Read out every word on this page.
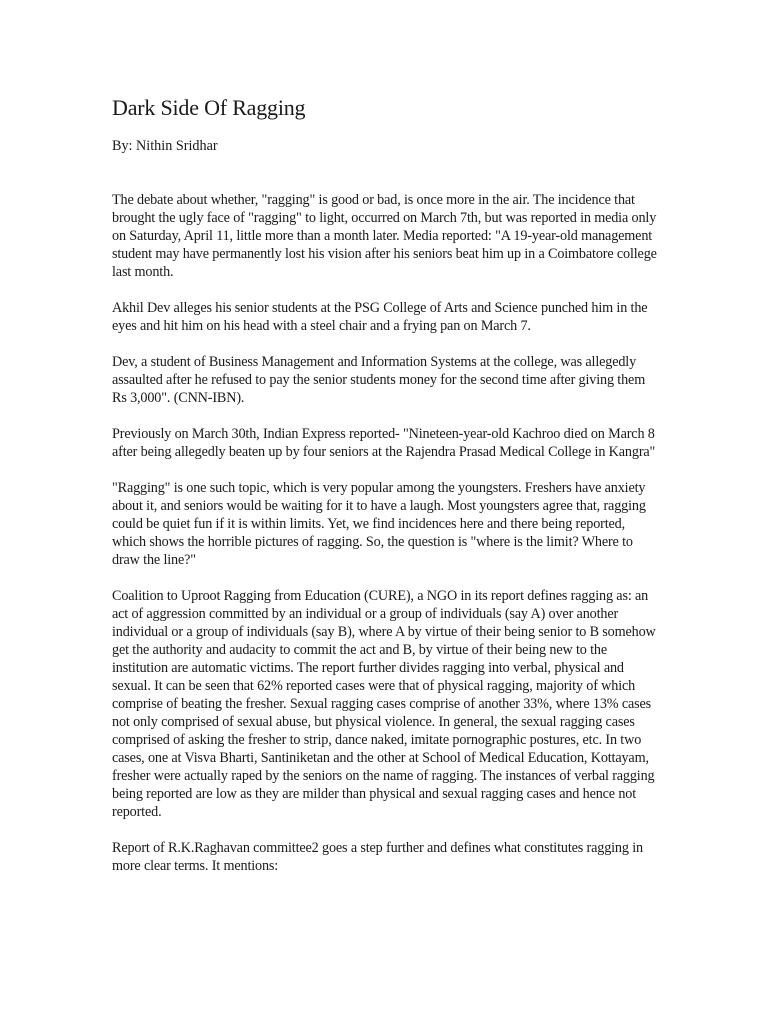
Dark Side Of Ragging

By: Nithin Sridhar

The debate about whether, "ragging" is good or bad, is once more in the air. The incidence that brought the ugly face of "ragging" to light, occurred on March 7th, but was reported in media only on Saturday, April 11, little more than a month later. Media reported: "A 19-year-old management student may have permanently lost his vision after his seniors beat him up in a Coimbatore college last month.

Akhil Dev alleges his senior students at the PSG College of Arts and Science punched him in the eyes and hit him on his head with a steel chair and a frying pan on March 7.

Dev, a student of Business Management and Information Systems at the college, was allegedly assaulted after he refused to pay the senior students money for the second time after giving them Rs 3,000". (CNN-IBN).

Previously on March 30th, Indian Express reported- "Nineteen-year-old Kachroo died on March 8 after being allegedly beaten up by four seniors at the Rajendra Prasad Medical College in Kangra"

"Ragging" is one such topic, which is very popular among the youngsters. Freshers have anxiety about it, and seniors would be waiting for it to have a laugh. Most youngsters agree that, ragging could be quiet fun if it is within limits. Yet, we find incidences here and there being reported, which shows the horrible pictures of ragging. So, the question is "where is the limit? Where to draw the line?"

Coalition to Uproot Ragging from Education (CURE), a NGO in its report defines ragging as: an act of aggression committed by an individual or a group of individuals (say A) over another individual or a group of individuals (say B), where A by virtue of their being senior to B somehow get the authority and audacity to commit the act and B, by virtue of their being new to the institution are automatic victims. The report further divides ragging into verbal, physical and sexual. It can be seen that 62% reported cases were that of physical ragging, majority of which comprise of beating the fresher. Sexual ragging cases comprise of another 33%, where 13% cases not only comprised of sexual abuse, but physical violence. In general, the sexual ragging cases comprised of asking the fresher to strip, dance naked, imitate pornographic postures, etc. In two cases, one at Visva Bharti, Santiniketan and the other at School of Medical Education, Kottayam, fresher were actually raped by the seniors on the name of ragging. The instances of verbal ragging being reported are low as they are milder than physical and sexual ragging cases and hence not reported.

Report of R.K.Raghavan committee2 goes a step further and defines what constitutes ragging in more clear terms. It mentions:
